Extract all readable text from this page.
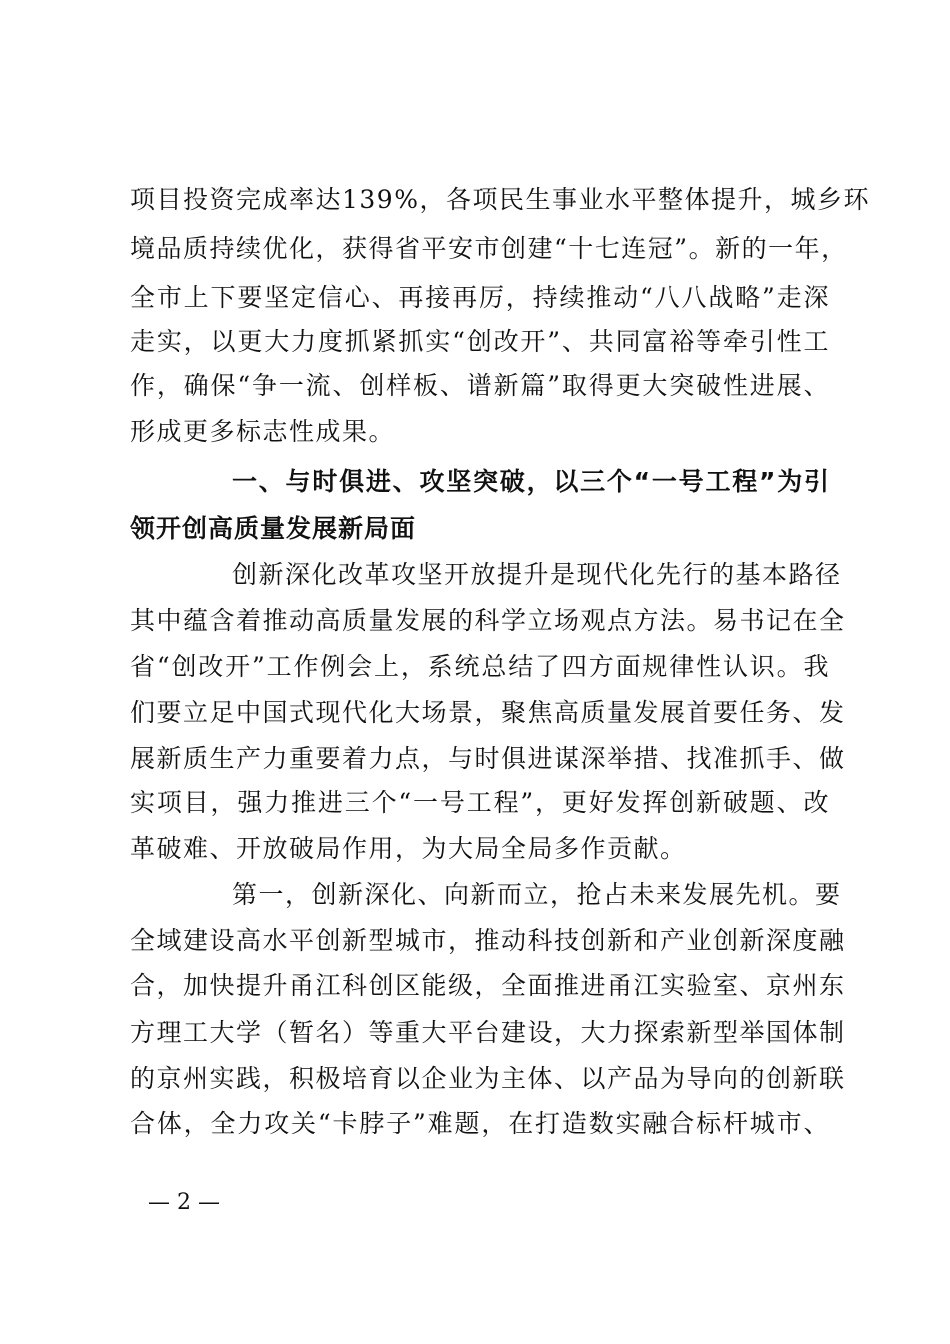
项目投资完成率达139%，各项民生事业水平整体提升，城乡环
境品质持续优化，获得省平安市创建“十七连冠”。新的一年，
全市上下要坚定信心、再接再厉，持续推动“八八战略”走深
走实，以更大力度抓紧抓实“创改开”、共同富裕等牵引性工
作，确保“争一流、创样板、谱新篇”取得更大突破性进展、
形成更多标志性成果。
一、与时俱进、攻坚突破，以三个“一号工程”为引
领开创高质量发展新局面
创新深化改革攻坚开放提升是现代化先行的基本路径
其中蕴含着推动高质量发展的科学立场观点方法。易书记在全
省“创改开”工作例会上，系统总结了四方面规律性认识。我
们要立足中国式现代化大场景，聚焦高质量发展首要任务、发
展新质生产力重要着力点，与时俱进谋深举措、找准抓手、做
实项目，强力推进三个“一号工程”，更好发挥创新破题、改
革破难、开放破局作用，为大局全局多作贡献。
第一，创新深化、向新而立，抢占未来发展先机。要
全域建设高水平创新型城市，推动科技创新和产业创新深度融
合，加快提升甬江科创区能级，全面推进甬江实验室、京州东
方理工大学（暂名）等重大平台建设，大力探索新型举国体制
的京州实践，积极培育以企业为主体、以产品为导向的创新联
合体，全力攻关“卡脖子”难题，在打造数实融合标杆城市、
— 2 —
